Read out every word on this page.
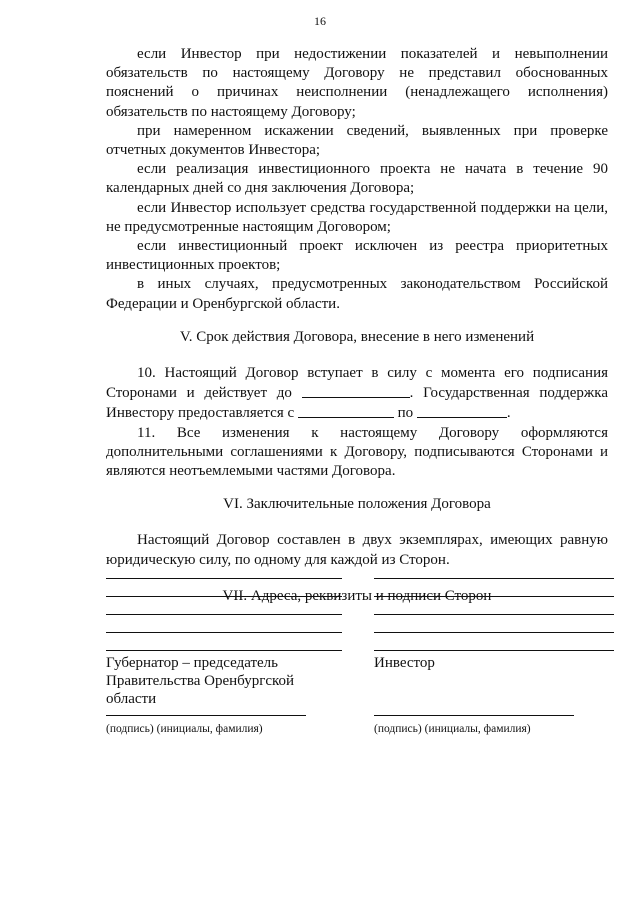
16

если Инвестор при недостижении показателей и невыполнении обязательств по настоящему Договору не представил обоснованных пояснений о причинах неисполнении (ненадлежащего исполнения) обязательств по настоящему Договору;

при намеренном искажении сведений, выявленных при проверке отчетных документов Инвестора;

если реализация инвестиционного проекта не начата в течение 90 календарных дней со дня заключения Договора;

если Инвестор использует средства государственной поддержки на цели, не предусмотренные настоящим Договором;

если инвестиционный проект исключен из реестра приоритетных инвестиционных проектов;

в иных случаях, предусмотренных законодательством Российской Федерации и Оренбургской области.

V. Срок действия Договора, внесение в него изменений

10. Настоящий Договор вступает в силу с момента его подписания Сторонами и действует до	. Государственная поддержка Инвестору предоставляется с	по	.

11. Все изменения к настоящему Договору оформляются дополнительными соглашениями к Договору, подписываются Сторонами и являются неотъемлемыми частями Договора.

VI. Заключительные положения Договора

Настоящий Договор составлен в двух экземплярах, имеющих равную юридическую силу, по одному для каждой из Сторон.

VII. Адреса, реквизиты и подписи Сторон

Губернатор – председатель
Правительства Оренбургской
области
(подпись) (инициалы, фамилия)
Инвестор
(подпись) (инициалы, фамилия)
